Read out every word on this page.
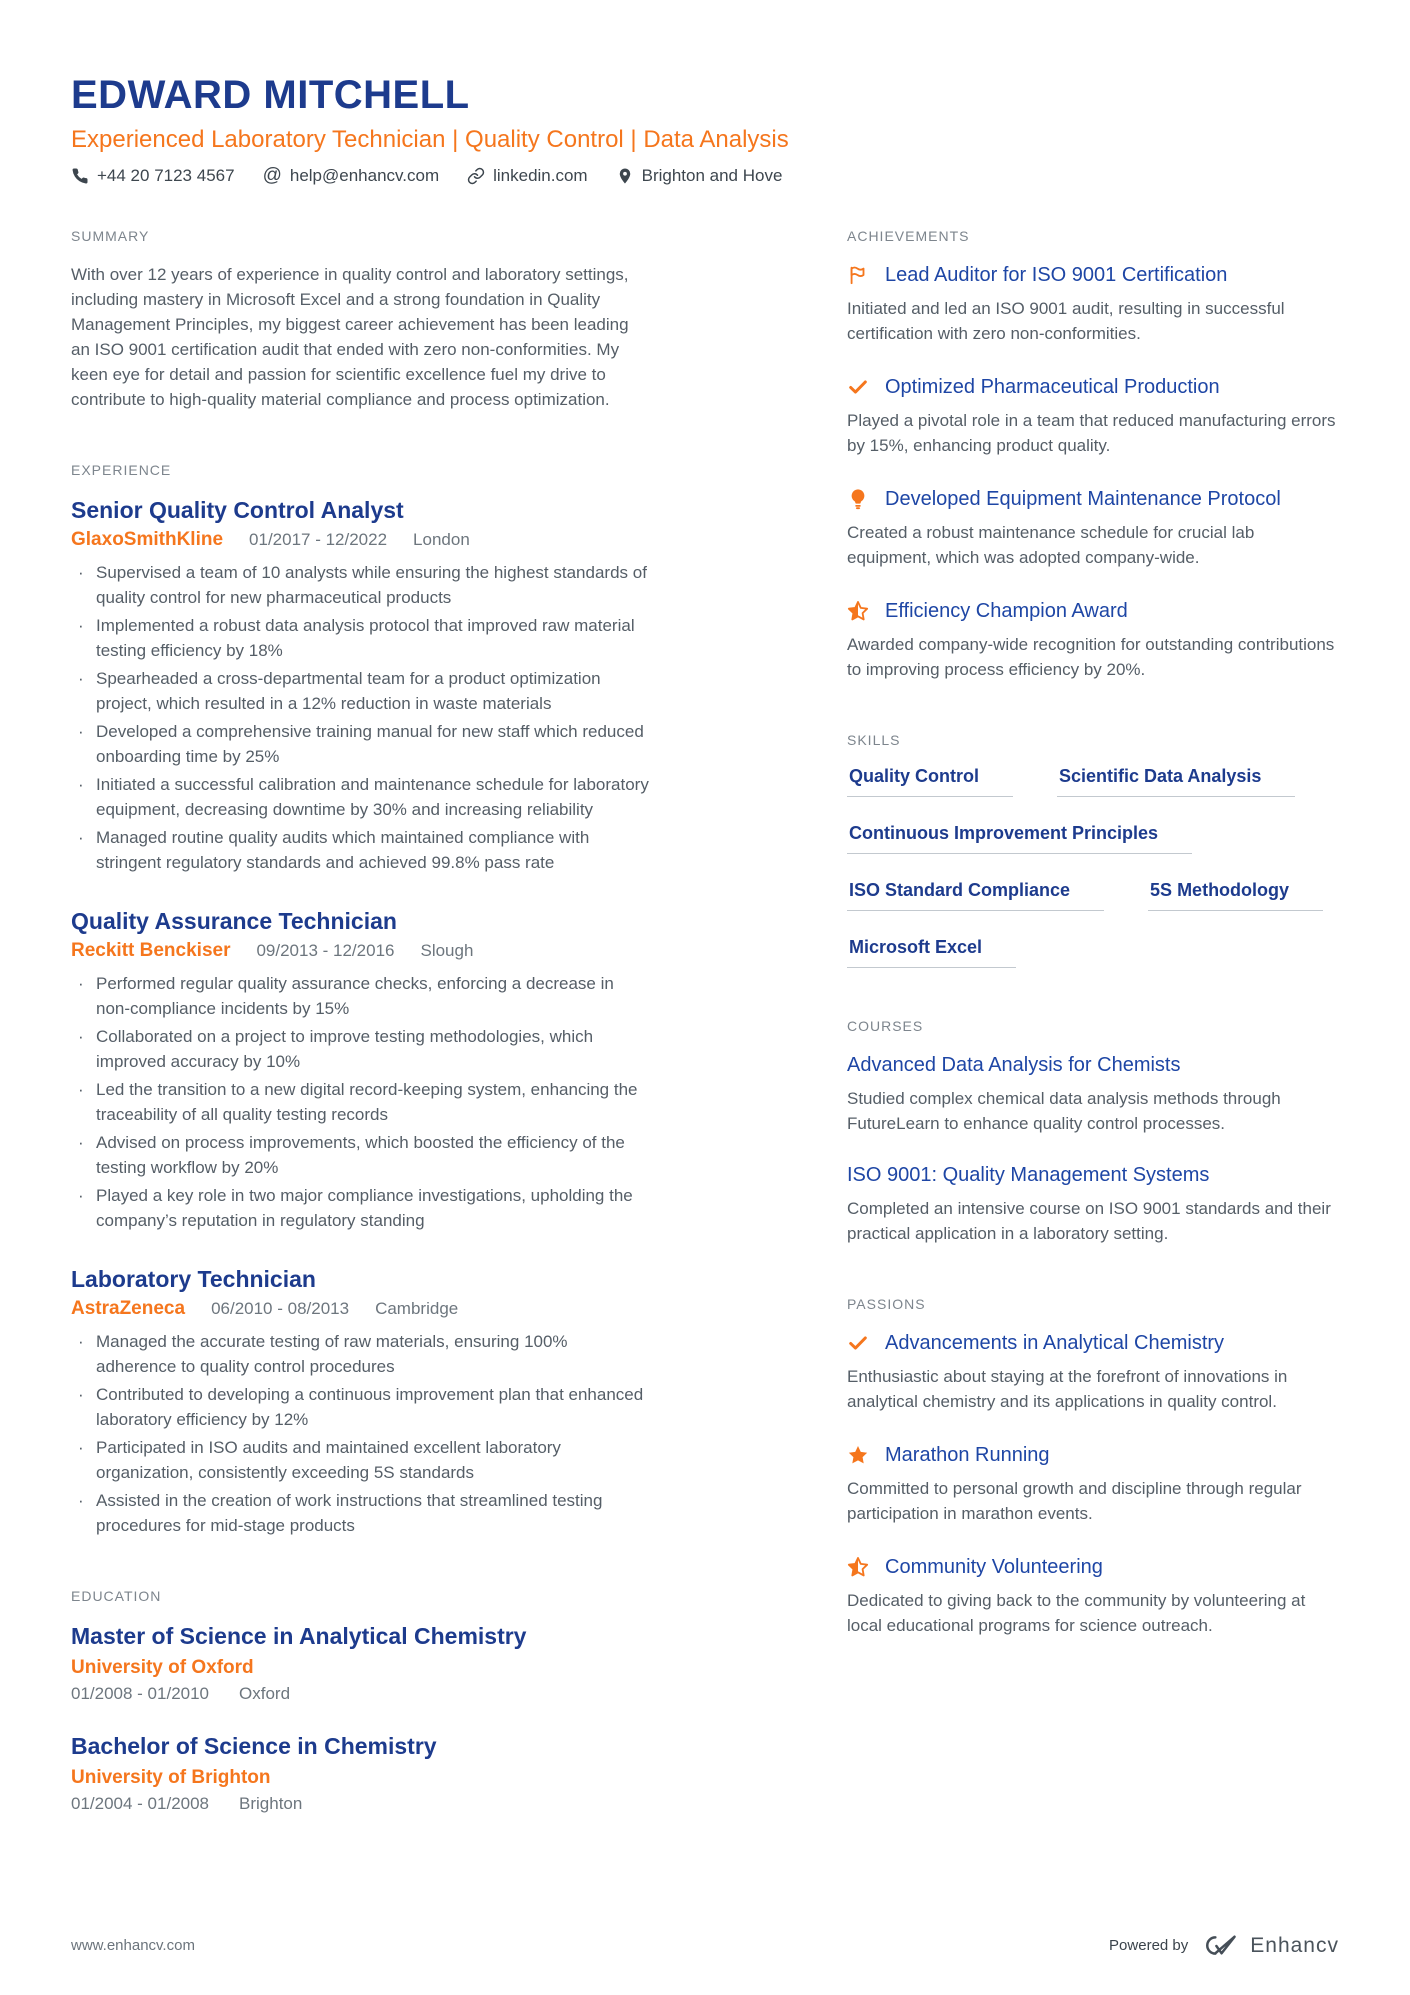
EDWARD MITCHELL
Experienced Laboratory Technician | Quality Control | Data Analysis
+44 20 7123 4567 @ help@enhancv.com	linkedin.com	Brighton and Hove
SUMMARY

With over 12 years of experience in quality control and laboratory settings, including mastery in Microsoft Excel and a strong foundation in Quality Management Principles, my biggest career achievement has been leading an ISO 9001 certification audit that ended with zero non-conformities. My keen eye for detail and passion for scientific excellence fuel my drive to contribute to high-quality material compliance and process optimization.

EXPERIENCE
Senior Quality Control Analyst
GlaxoSmithKline 01/2017 - 12/2022 London
· Supervised a team of 10 analysts while ensuring the highest standards of quality control for new pharmaceutical products
· Implemented a robust data analysis protocol that improved raw material testing efficiency by 18%
· Spearheaded a cross-departmental team for a product optimization project, which resulted in a 12% reduction in waste materials
· Developed a comprehensive training manual for new staff which reduced onboarding time by 25%
· Initiated a successful calibration and maintenance schedule for laboratory equipment, decreasing downtime by 30% and increasing reliability
· Managed routine quality audits which maintained compliance with stringent regulatory standards and achieved 99.8% pass rate
Quality Assurance Technician
Reckitt Benckiser 09/2013 - 12/2016 Slough
· Performed regular quality assurance checks, enforcing a decrease in non-compliance incidents by 15%
· Collaborated on a project to improve testing methodologies, which improved accuracy by 10%
· Led the transition to a new digital record-keeping system, enhancing the traceability of all quality testing records
· Advised on process improvements, which boosted the efficiency of the testing workflow by 20%
· Played a key role in two major compliance investigations, upholding the company’s reputation in regulatory standing
Laboratory Technician
AstraZeneca 06/2010 - 08/2013 Cambridge
· Managed the accurate testing of raw materials, ensuring 100% adherence to quality control procedures
· Contributed to developing a continuous improvement plan that enhanced laboratory efficiency by 12%
· Participated in ISO audits and maintained excellent laboratory organization, consistently exceeding 5S standards
· Assisted in the creation of work instructions that streamlined testing procedures for mid-stage products
EDUCATION
Master of Science in Analytical Chemistry
University of Oxford
01/2008 - 01/2010 Oxford
Bachelor of Science in Chemistry
University of Brighton
01/2004 - 01/2008 Brighton
ACHIEVEMENTS
Lead Auditor for ISO 9001 Certification

Initiated and led an ISO 9001 audit, resulting in successful certification with zero non-conformities.

Optimized Pharmaceutical Production

Played a pivotal role in a team that reduced manufacturing errors by 15%, enhancing product quality.

Developed Equipment Maintenance Protocol

Created a robust maintenance schedule for crucial lab equipment, which was adopted company-wide.

Efficiency Champion Award

Awarded company-wide recognition for outstanding contributions to improving process efficiency by 20%.

SKILLS
Quality Control	Scientific Data Analysis
Continuous Improvement Principles
ISO Standard Compliance	5S Methodology
Microsoft Excel
COURSES
Advanced Data Analysis for Chemists

Studied complex chemical data analysis methods through FutureLearn to enhance quality control processes.

ISO 9001: Quality Management Systems

Completed an intensive course on ISO 9001 standards and their practical application in a laboratory setting.

PASSIONS
Advancements in Analytical Chemistry

Enthusiastic about staying at the forefront of innovations in analytical chemistry and its applications in quality control.

Marathon Running

Committed to personal growth and discipline through regular participation in marathon events.

Community Volunteering

Dedicated to giving back to the community by volunteering at local educational programs for science outreach.

www.enhancv.com	Powered by	Enhancv
